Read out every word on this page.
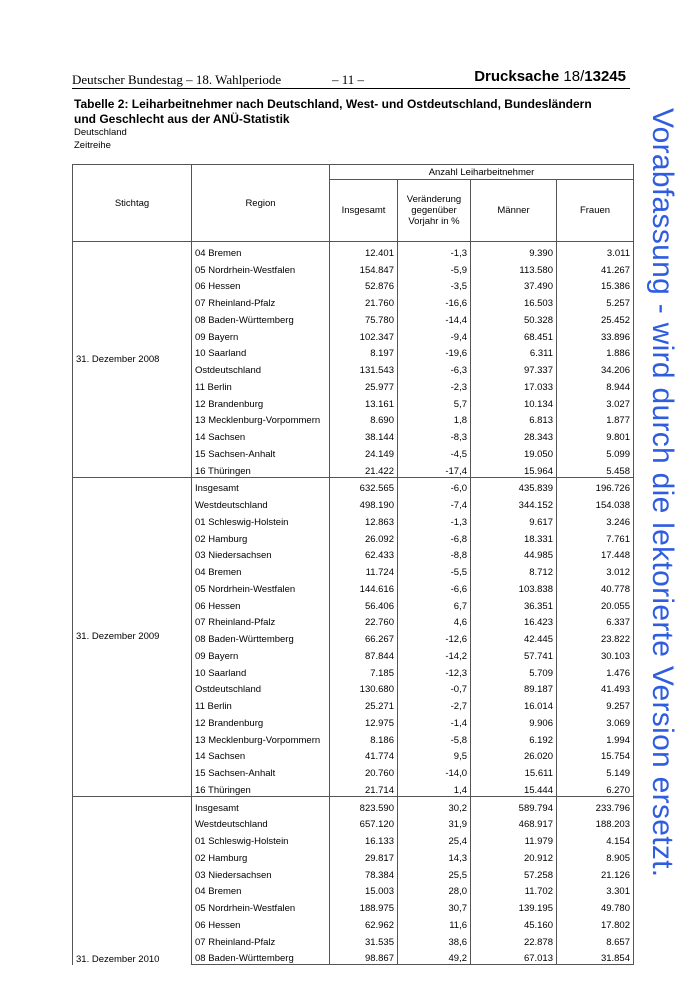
Deutscher Bundestag – 18. Wahlperiode	– 11 –	Drucksache 18/13245
Tabelle 2: Leiharbeitnehmer nach Deutschland, West- und Ostdeutschland, Bundesländern und Geschlecht aus der ANÜ-Statistik
Deutschland
Zeitreihe	Vorabfassung - wird durch die lektorierte Version ersetzt.
Stichtag	Region	Anzahl Leiharbeitnehmer			
		Insgesamt	Veränderung gegenüber Vorjahr in %	Männer	Frauen
31. Dezember 2008	04 Bremen	12.401	-1,3	9.390	3.011
	05 Nordrhein-Westfalen	154.847	-5,9	113.580	41.267
	06 Hessen	52.876	-3,5	37.490	15.386
	07 Rheinland-Pfalz	21.760	-16,6	16.503	5.257
	08 Baden-Württemberg	75.780	-14,4	50.328	25.452
	09 Bayern	102.347	-9,4	68.451	33.896
	10 Saarland	8.197	-19,6	6.311	1.886
	Ostdeutschland	131.543	-6,3	97.337	34.206
	11 Berlin	25.977	-2,3	17.033	8.944
	12 Brandenburg	13.161	5,7	10.134	3.027
	13 Mecklenburg-Vorpommern	8.690	1,8	6.813	1.877
	14 Sachsen	38.144	-8,3	28.343	9.801
	15 Sachsen-Anhalt	24.149	-4,5	19.050	5.099
	16 Thüringen	21.422	-17,4	15.964	5.458
31. Dezember 2009	Insgesamt	632.565	-6,0	435.839	196.726
	Westdeutschland	498.190	-7,4	344.152	154.038
	01 Schleswig-Holstein	12.863	-1,3	9.617	3.246
	02 Hamburg	26.092	-6,8	18.331	7.761
	03 Niedersachsen	62.433	-8,8	44.985	17.448
	04 Bremen	11.724	-5,5	8.712	3.012
	05 Nordrhein-Westfalen	144.616	-6,6	103.838	40.778
	06 Hessen	56.406	6,7	36.351	20.055
	07 Rheinland-Pfalz	22.760	4,6	16.423	6.337
	08 Baden-Württemberg	66.267	-12,6	42.445	23.822
	09 Bayern	87.844	-14,2	57.741	30.103
	10 Saarland	7.185	-12,3	5.709	1.476
	Ostdeutschland	130.680	-0,7	89.187	41.493
	11 Berlin	25.271	-2,7	16.014	9.257
	12 Brandenburg	12.975	-1,4	9.906	3.069
	13 Mecklenburg-Vorpommern	8.186	-5,8	6.192	1.994
	14 Sachsen	41.774	9,5	26.020	15.754
	15 Sachsen-Anhalt	20.760	-14,0	15.611	5.149
	16 Thüringen	21.714	1,4	15.444	6.270
31. Dezember 2010	Insgesamt	823.590	30,2	589.794	233.796
	Westdeutschland	657.120	31,9	468.917	188.203
	01 Schleswig-Holstein	16.133	25,4	11.979	4.154
	02 Hamburg	29.817	14,3	20.912	8.905
	03 Niedersachsen	78.384	25,5	57.258	21.126
	04 Bremen	15.003	28,0	11.702	3.301
	05 Nordrhein-Westfalen	188.975	30,7	139.195	49.780
	06 Hessen	62.962	11,6	45.160	17.802
	07 Rheinland-Pfalz	31.535	38,6	22.878	8.657
	08 Baden-Württemberg	98.867	49,2	67.013	31.854
